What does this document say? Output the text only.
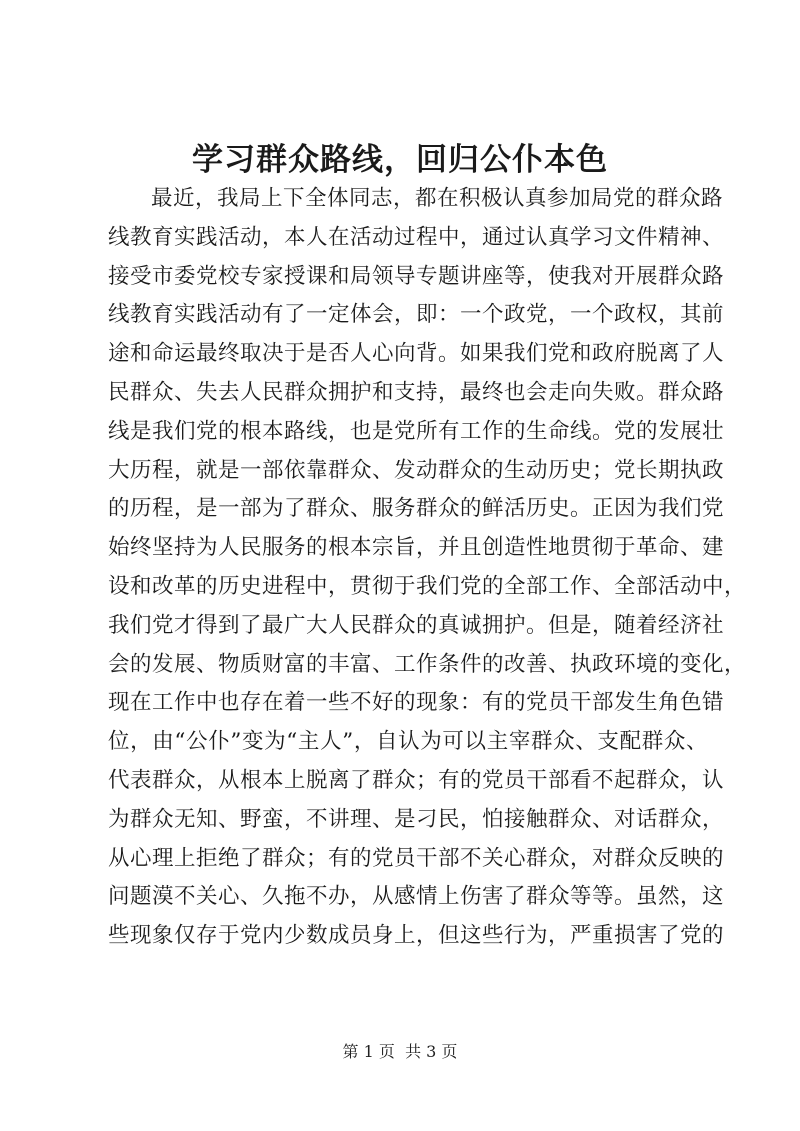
学习群众路线，回归公仆本色
最近，我局上下全体同志，都在积极认真参加局党的群众路
线教育实践活动，本人在活动过程中，通过认真学习文件精神、
接受市委党校专家授课和局领导专题讲座等，使我对开展群众路
线教育实践活动有了一定体会，即：一个政党，一个政权，其前
途和命运最终取决于是否人心向背。如果我们党和政府脱离了人
民群众、失去人民群众拥护和支持，最终也会走向失败。群众路
线是我们党的根本路线，也是党所有工作的生命线。党的发展壮
大历程，就是一部依靠群众、发动群众的生动历史；党长期执政
的历程，是一部为了群众、服务群众的鲜活历史。正因为我们党
始终坚持为人民服务的根本宗旨，并且创造性地贯彻于革命、建
设和改革的历史进程中，贯彻于我们党的全部工作、全部活动中，
我们党才得到了最广大人民群众的真诚拥护。但是，随着经济社
会的发展、物质财富的丰富、工作条件的改善、执政环境的变化，
现在工作中也存在着一些不好的现象：有的党员干部发生角色错
位，由“公仆”变为“主人”，自认为可以主宰群众、支配群众、
代表群众，从根本上脱离了群众；有的党员干部看不起群众，认
为群众无知、野蛮，不讲理、是刁民，怕接触群众、对话群众，
从心理上拒绝了群众；有的党员干部不关心群众，对群众反映的
问题漠不关心、久拖不办，从感情上伤害了群众等等。虽然，这
些现象仅存于党内少数成员身上，但这些行为，严重损害了党的
第 1 页  共 3 页
